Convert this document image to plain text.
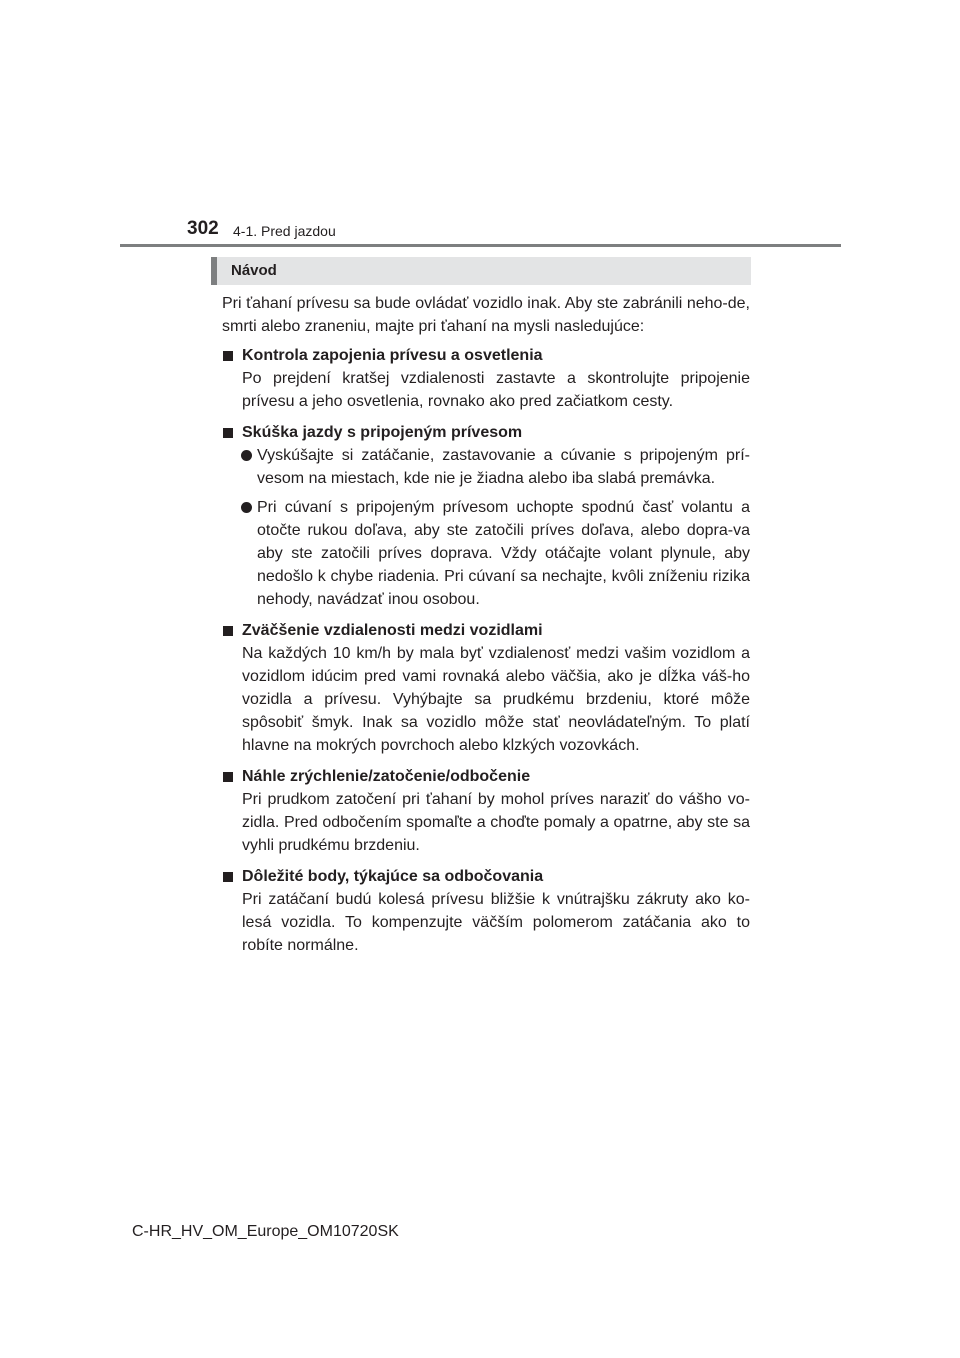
302 4-1. Pred jazdou
Návod

Pri ťahaní prívesu sa bude ovládať vozidlo inak. Aby ste zabránili neho-de, smrti alebo zraneniu, majte pri ťahaní na mysli nasledujúce:

Kontrola zapojenia prívesu a osvetlenia

Po prejdení kratšej vzdialenosti zastavte a skontrolujte pripojenie prívesu a jeho osvetlenia, rovnako ako pred začiatkom cesty.

Skúška jazdy s pripojeným prívesom

Vyskúšajte si zatáčanie, zastavovanie a cúvanie s pripojeným prí-vesom na miestach, kde nie je žiadna alebo iba slabá premávka.

Pri cúvaní s pripojeným prívesom uchopte spodnú časť volantu a otočte rukou doľava, aby ste zatočili príves doľava, alebo dopra-va aby ste zatočili príves doprava. Vždy otáčajte volant plynule, aby nedošlo k chybe riadenia. Pri cúvaní sa nechajte, kvôli zníženiu rizika nehody, navádzať inou osobou.

Zväčšenie vzdialenosti medzi vozidlami

Na každých 10 km/h by mala byť vzdialenosť medzi vašim vozidlom a vozidlom idúcim pred vami rovnaká alebo väčšia, ako je dĺžka váš-ho vozidla a prívesu. Vyhýbajte sa prudkému brzdeniu, ktoré môže spôsobiť šmyk. Inak sa vozidlo môže stať neovládateľným. To platí hlavne na mokrých povrchoch alebo klzkých vozovkách.

Náhle zrýchlenie/zatočenie/odbočenie

Pri prudkom zatočení pri ťahaní by mohol príves naraziť do vášho vo-zidla. Pred odbočením spomaľte a choďte pomaly a opatrne, aby ste sa vyhli prudkému brzdeniu.

Dôležité body, týkajúce sa odbočovania

Pri zatáčaní budú kolesá prívesu bližšie k vnútrajšku zákruty ako ko-lesá vozidla. To kompenzujte väčším polomerom zatáčania ako to robíte normálne.

C-HR_HV_OM_Europe_OM10720SK
